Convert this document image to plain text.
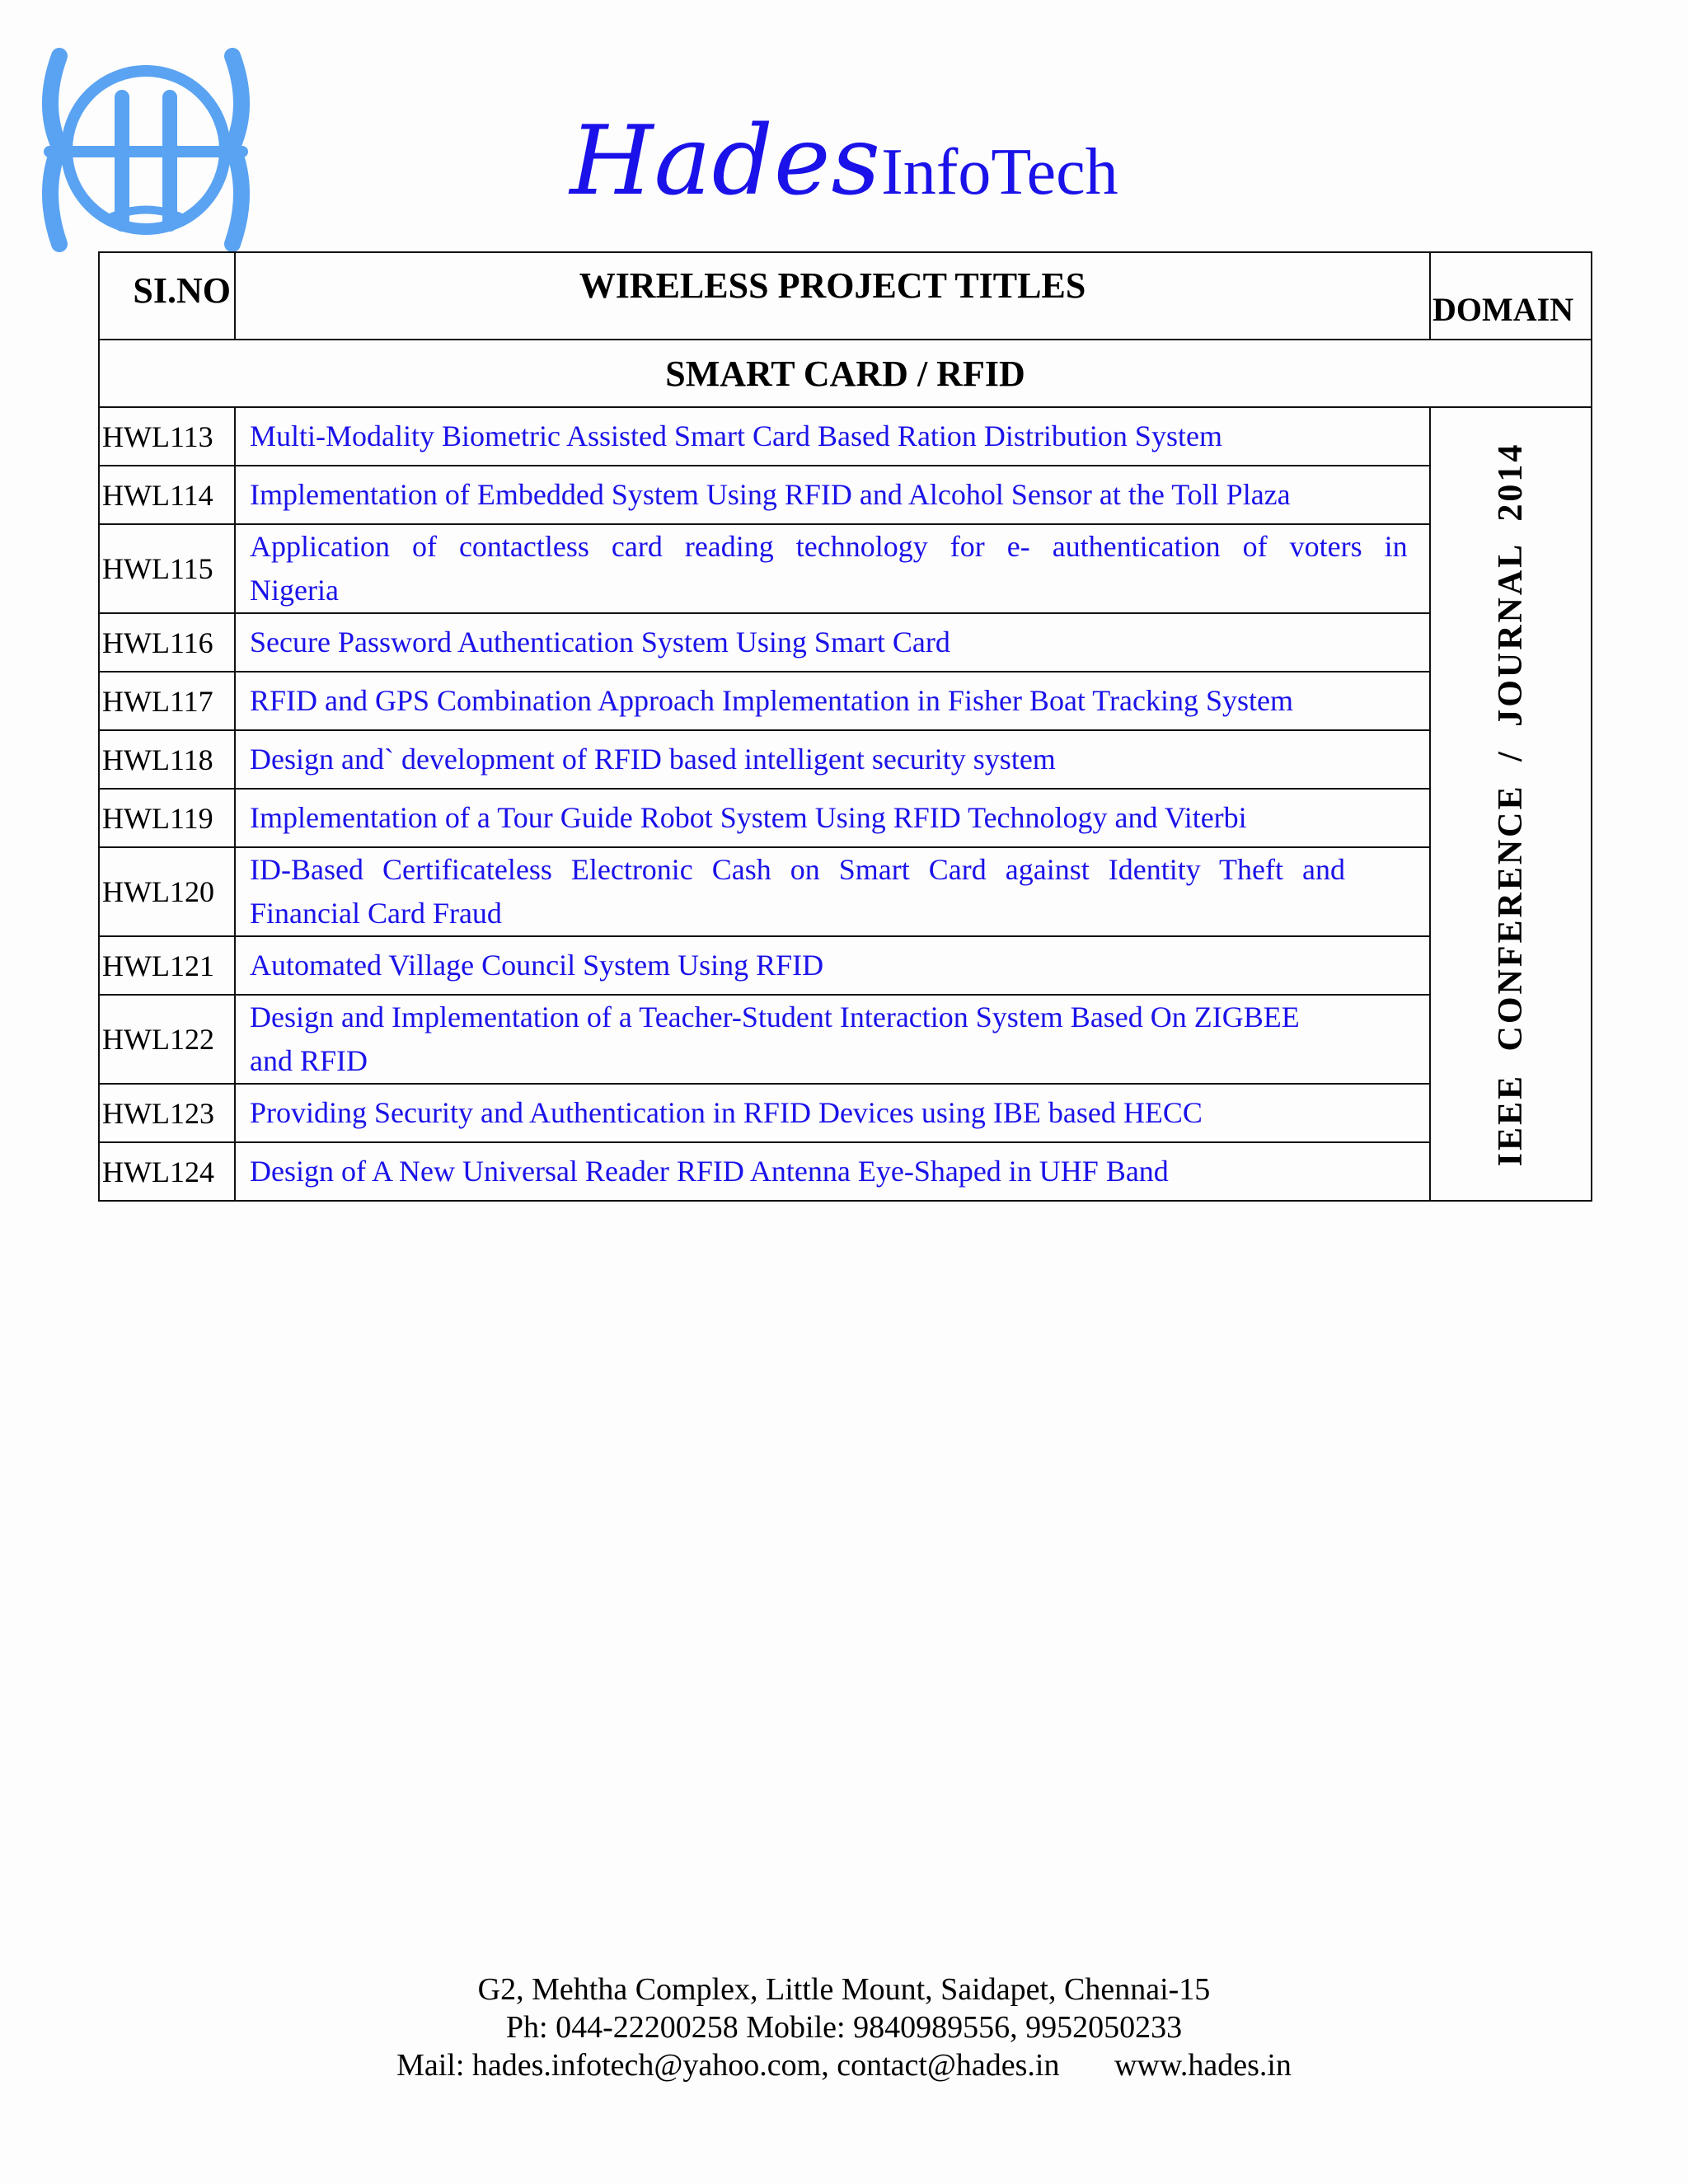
HadesInfoTech
SI.NO	WIRELESS PROJECT TITLES	DOMAIN
SMART CARD / RFID		
HWL113	Multi-Modality Biometric Assisted Smart Card Based Ration Distribution System	IEEE CONFERENCE / JOURNAL 2014

HWL114	Implementation of Embedded System Using RFID and Alcohol Sensor at the Toll Plaza	

HWL115	Application of contactless card reading technology for e- authentication of voters in
Nigeria	

HWL116	Secure Password Authentication System Using Smart Card	

HWL117	RFID and GPS Combination Approach Implementation in Fisher Boat Tracking System	

HWL118	Design and` development of RFID based intelligent security system	

HWL119	Implementation of a Tour Guide Robot System Using RFID Technology and Viterbi	

HWL120	ID-Based Certificateless Electronic Cash on Smart Card against Identity Theft and
Financial Card Fraud	

HWL121	Automated Village Council System Using RFID	

HWL122	Design and Implementation of a Teacher-Student Interaction System Based On ZIGBEE
and RFID	

HWL123	Providing Security and Authentication in RFID Devices using IBE based HECC	

HWL124	Design of A New Universal Reader RFID Antenna Eye-Shaped in UHF Band	
G2, Mehtha Complex, Little Mount, Saidapet, Chennai-15
Ph: 044-22200258 Mobile: 9840989556, 9952050233
Mail: hades.infotech@yahoo.com, contact@hades.in       www.hades.in
